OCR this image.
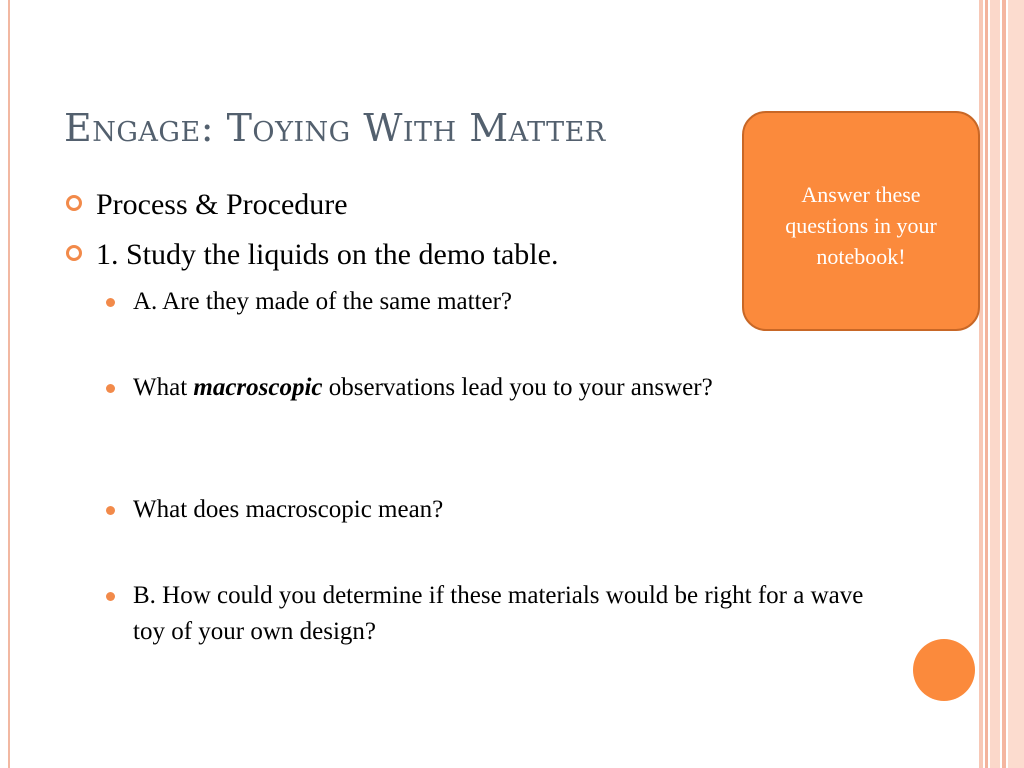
Engage: Toying With Matter
Answer these questions in your notebook!
Process & Procedure
1. Study the liquids on the demo table.
A. Are they made of the same matter?
What macroscopic observations lead you to your answer?
What does macroscopic mean?
B. How could you determine if these materials would be right for a wave toy of your own design?
